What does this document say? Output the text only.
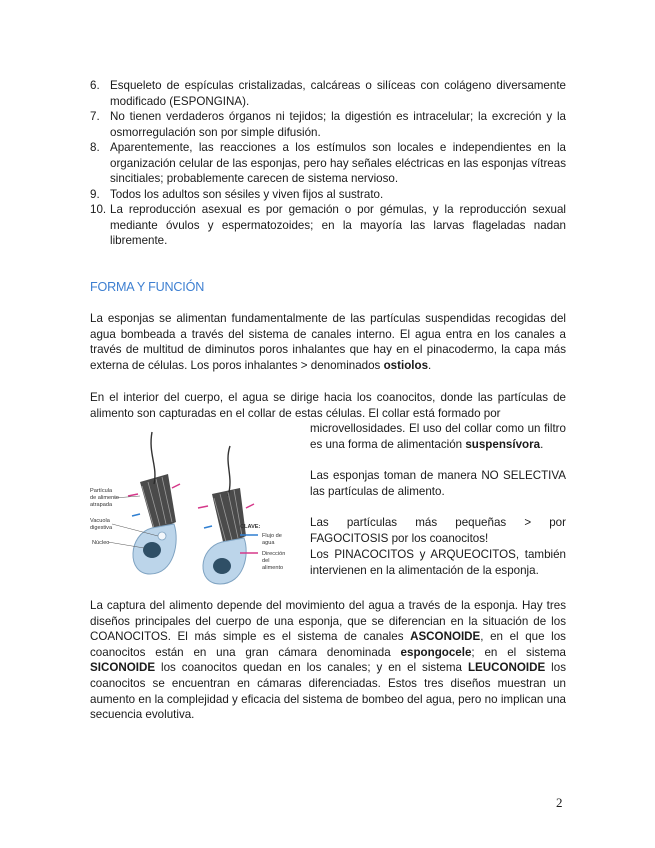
6. Esqueleto de espículas cristalizadas, calcáreas o silíceas con colágeno diversamente modificado (ESPONGINA).
7. No tienen verdaderos órganos ni tejidos; la digestión es intracelular; la excreción y la osmorregulación son por simple difusión.
8. Aparentemente, las reacciones a los estímulos son locales e independientes en la organización celular de las esponjas, pero hay señales eléctricas en las esponjas vítreas sincitiales; probablemente carecen de sistema nervioso.
9. Todos los adultos son sésiles y viven fijos al sustrato.
10. La reproducción asexual es por gemación o por gémulas, y la reproducción sexual mediante óvulos y espermatozoides; en la mayoría las larvas flageladas nadan libremente.
FORMA Y FUNCIÓN

La esponjas se alimentan fundamentalmente de las partículas suspendidas recogidas del agua bombeada a través del sistema de canales interno. El agua entra en los canales a través de multitud de diminutos poros inhalantes que hay en el pinacodermo, la capa más externa de células. Los poros inhalantes > denominados ostiolos.

En el interior del cuerpo, el agua se dirige hacia los coanocitos, donde las partículas de alimento son capturadas en el collar de estas células. El collar está formado por

Partícula
de alimento
atrapada
Vacuola
digestiva
Núcleo
CLAVE:
Flujo de
agua
Dirección
del
alimento

microvellosidades. El uso del collar como un filtro es una forma de alimentación suspensívora.

Las esponjas toman de manera NO SELECTIVA las partículas de alimento.

Las partículas más pequeñas > por FAGOCITOSIS por los coanocitos!

Los PINACOCITOS y ARQUEOCITOS, también intervienen en la alimentación de la esponja.

La captura del alimento depende del movimiento del agua a través de la esponja. Hay tres diseños principales del cuerpo de una esponja, que se diferencian en la situación de los COANOCITOS. El más simple es el sistema de canales ASCONOIDE, en el que los coanocitos están en una gran cámara denominada espongocele; en el sistema SICONOIDE los coanocitos quedan en los canales; y en el sistema LEUCONOIDE los coanocitos se encuentran en cámaras diferenciadas. Estos tres diseños muestran un aumento en la complejidad y eficacia del sistema de bombeo del agua, pero no implican una secuencia evolutiva.

2
